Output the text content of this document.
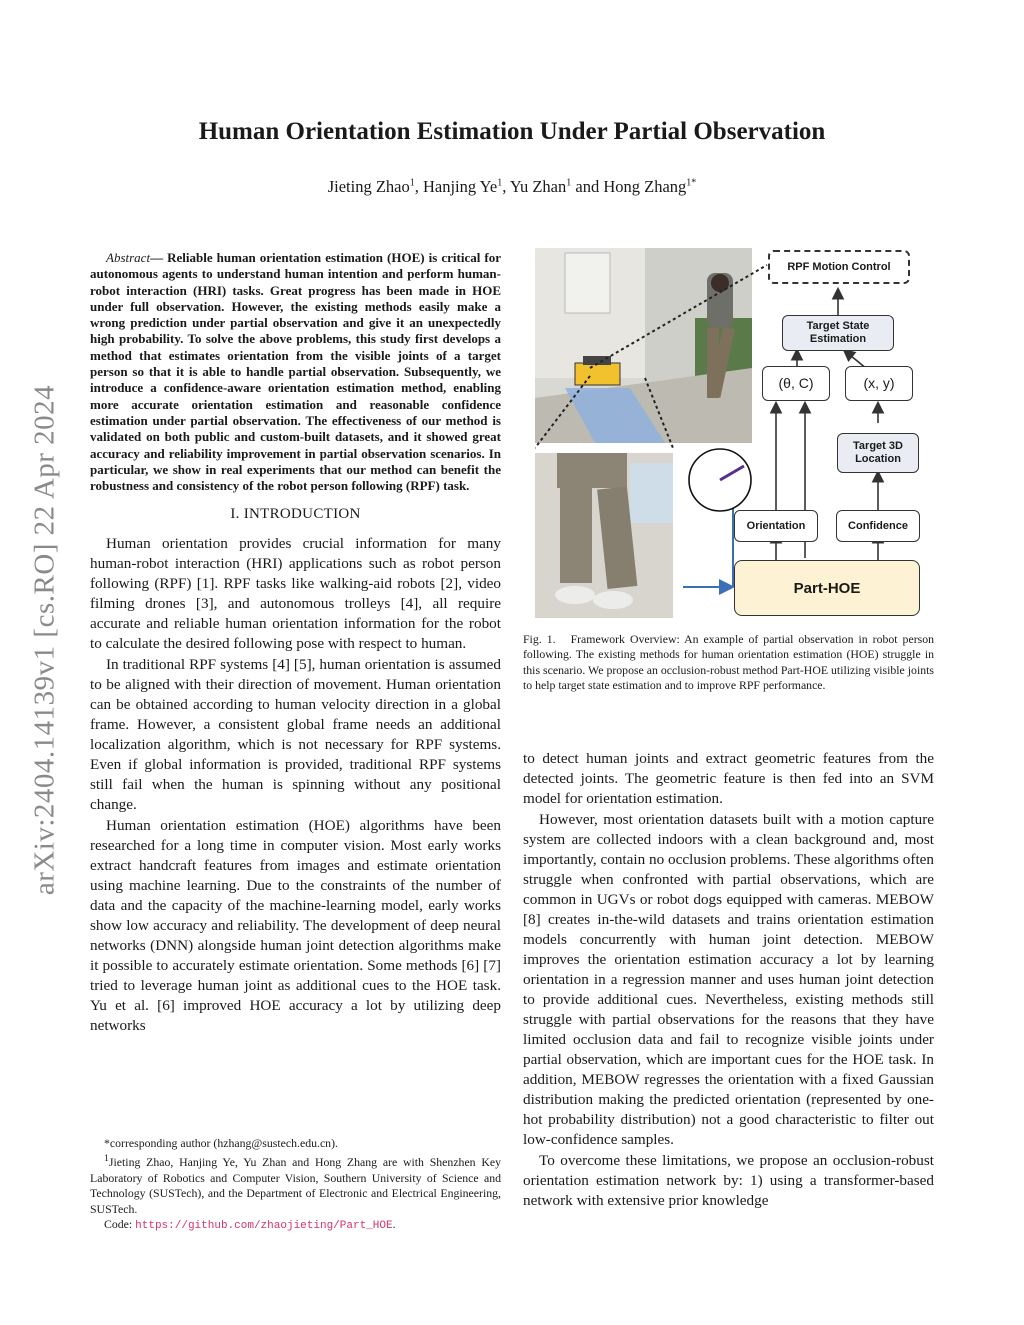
arXiv:2404.14139v1 [cs.RO] 22 Apr 2024
Human Orientation Estimation Under Partial Observation
Jieting Zhao$^1$, Hanjing Ye$^1$, Yu Zhan$^1$ and Hong Zhang$^{1*}$

Abstract— Reliable human orientation estimation (HOE) is critical for autonomous agents to understand human intention and perform human-robot interaction (HRI) tasks. Great progress has been made in HOE under full observation. However, the existing methods easily make a wrong prediction under partial observation and give it an unexpectedly high probability. To solve the above problems, this study first develops a method that estimates orientation from the visible joints of a target person so that it is able to handle partial observation. Subsequently, we introduce a confidence-aware orientation estimation method, enabling more accurate orientation estimation and reasonable confidence estimation under partial observation. The effectiveness of our method is validated on both public and custom-built datasets, and it showed great accuracy and reliability improvement in partial observation scenarios. In particular, we show in real experiments that our method can benefit the robustness and consistency of the robot person following (RPF) task.

I. INTRODUCTION

Human orientation provides crucial information for many human-robot interaction (HRI) applications such as robot person following (RPF) [1]. RPF tasks like walking-aid robots [2], video filming drones [3], and autonomous trolleys [4], all require accurate and reliable human orientation information for the robot to calculate the desired following pose with respect to human.

In traditional RPF systems [4] [5], human orientation is assumed to be aligned with their direction of movement. Human orientation can be obtained according to human velocity direction in a global frame. However, a consistent global frame needs an additional localization algorithm, which is not necessary for RPF systems. Even if global information is provided, traditional RPF systems still fail when the human is spinning without any positional change.

Human orientation estimation (HOE) algorithms have been researched for a long time in computer vision. Most early works extract handcraft features from images and estimate orientation using machine learning. Due to the constraints of the number of data and the capacity of the machine-learning model, early works show low accuracy and reliability. The development of deep neural networks (DNN) alongside human joint detection algorithms make it possible to accurately estimate orientation. Some methods [6] [7] tried to leverage human joint as additional cues to the HOE task. Yu et al. [6] improved HOE accuracy a lot by utilizing deep networks

*corresponding author (hzhang@sustech.edu.cn).

$^1$Jieting Zhao, Hanjing Ye, Yu Zhan and Hong Zhang are with Shenzhen Key Laboratory of Robotics and Computer Vision, Southern University of Science and Technology (SUSTech), and the Department of Electronic and Electrical Engineering, SUSTech.

Code: https://github.com/zhaojieting/Part_HOE.

RPF Motion Control
Target State Estimation
(θ, C)	(x, y)
Target 3D Location
Orientation	Confidence
Part-HOE
Fig. 1. Framework Overview: An example of partial observation in robot person following. The existing methods for human orientation estimation (HOE) struggle in this scenario. We propose an occlusion-robust method Part-HOE utilizing visible joints to help target state estimation and to improve RPF performance.

to detect human joints and extract geometric features from the detected joints. The geometric feature is then fed into an SVM model for orientation estimation.

However, most orientation datasets built with a motion capture system are collected indoors with a clean background and, most importantly, contain no occlusion problems. These algorithms often struggle when confronted with partial observations, which are common in UGVs or robot dogs equipped with cameras. MEBOW [8] creates in-the-wild datasets and trains orientation estimation models concurrently with human joint detection. MEBOW improves the orientation estimation accuracy a lot by learning orientation in a regression manner and uses human joint detection to provide additional cues. Nevertheless, existing methods still struggle with partial observations for the reasons that they have limited occlusion data and fail to recognize visible joints under partial observation, which are important cues for the HOE task. In addition, MEBOW regresses the orientation with a fixed Gaussian distribution making the predicted orientation (represented by one-hot probability distribution) not a good characteristic to filter out low-confidence samples.

To overcome these limitations, we propose an occlusion-robust orientation estimation network by: 1) using a transformer-based network with extensive prior knowledge
